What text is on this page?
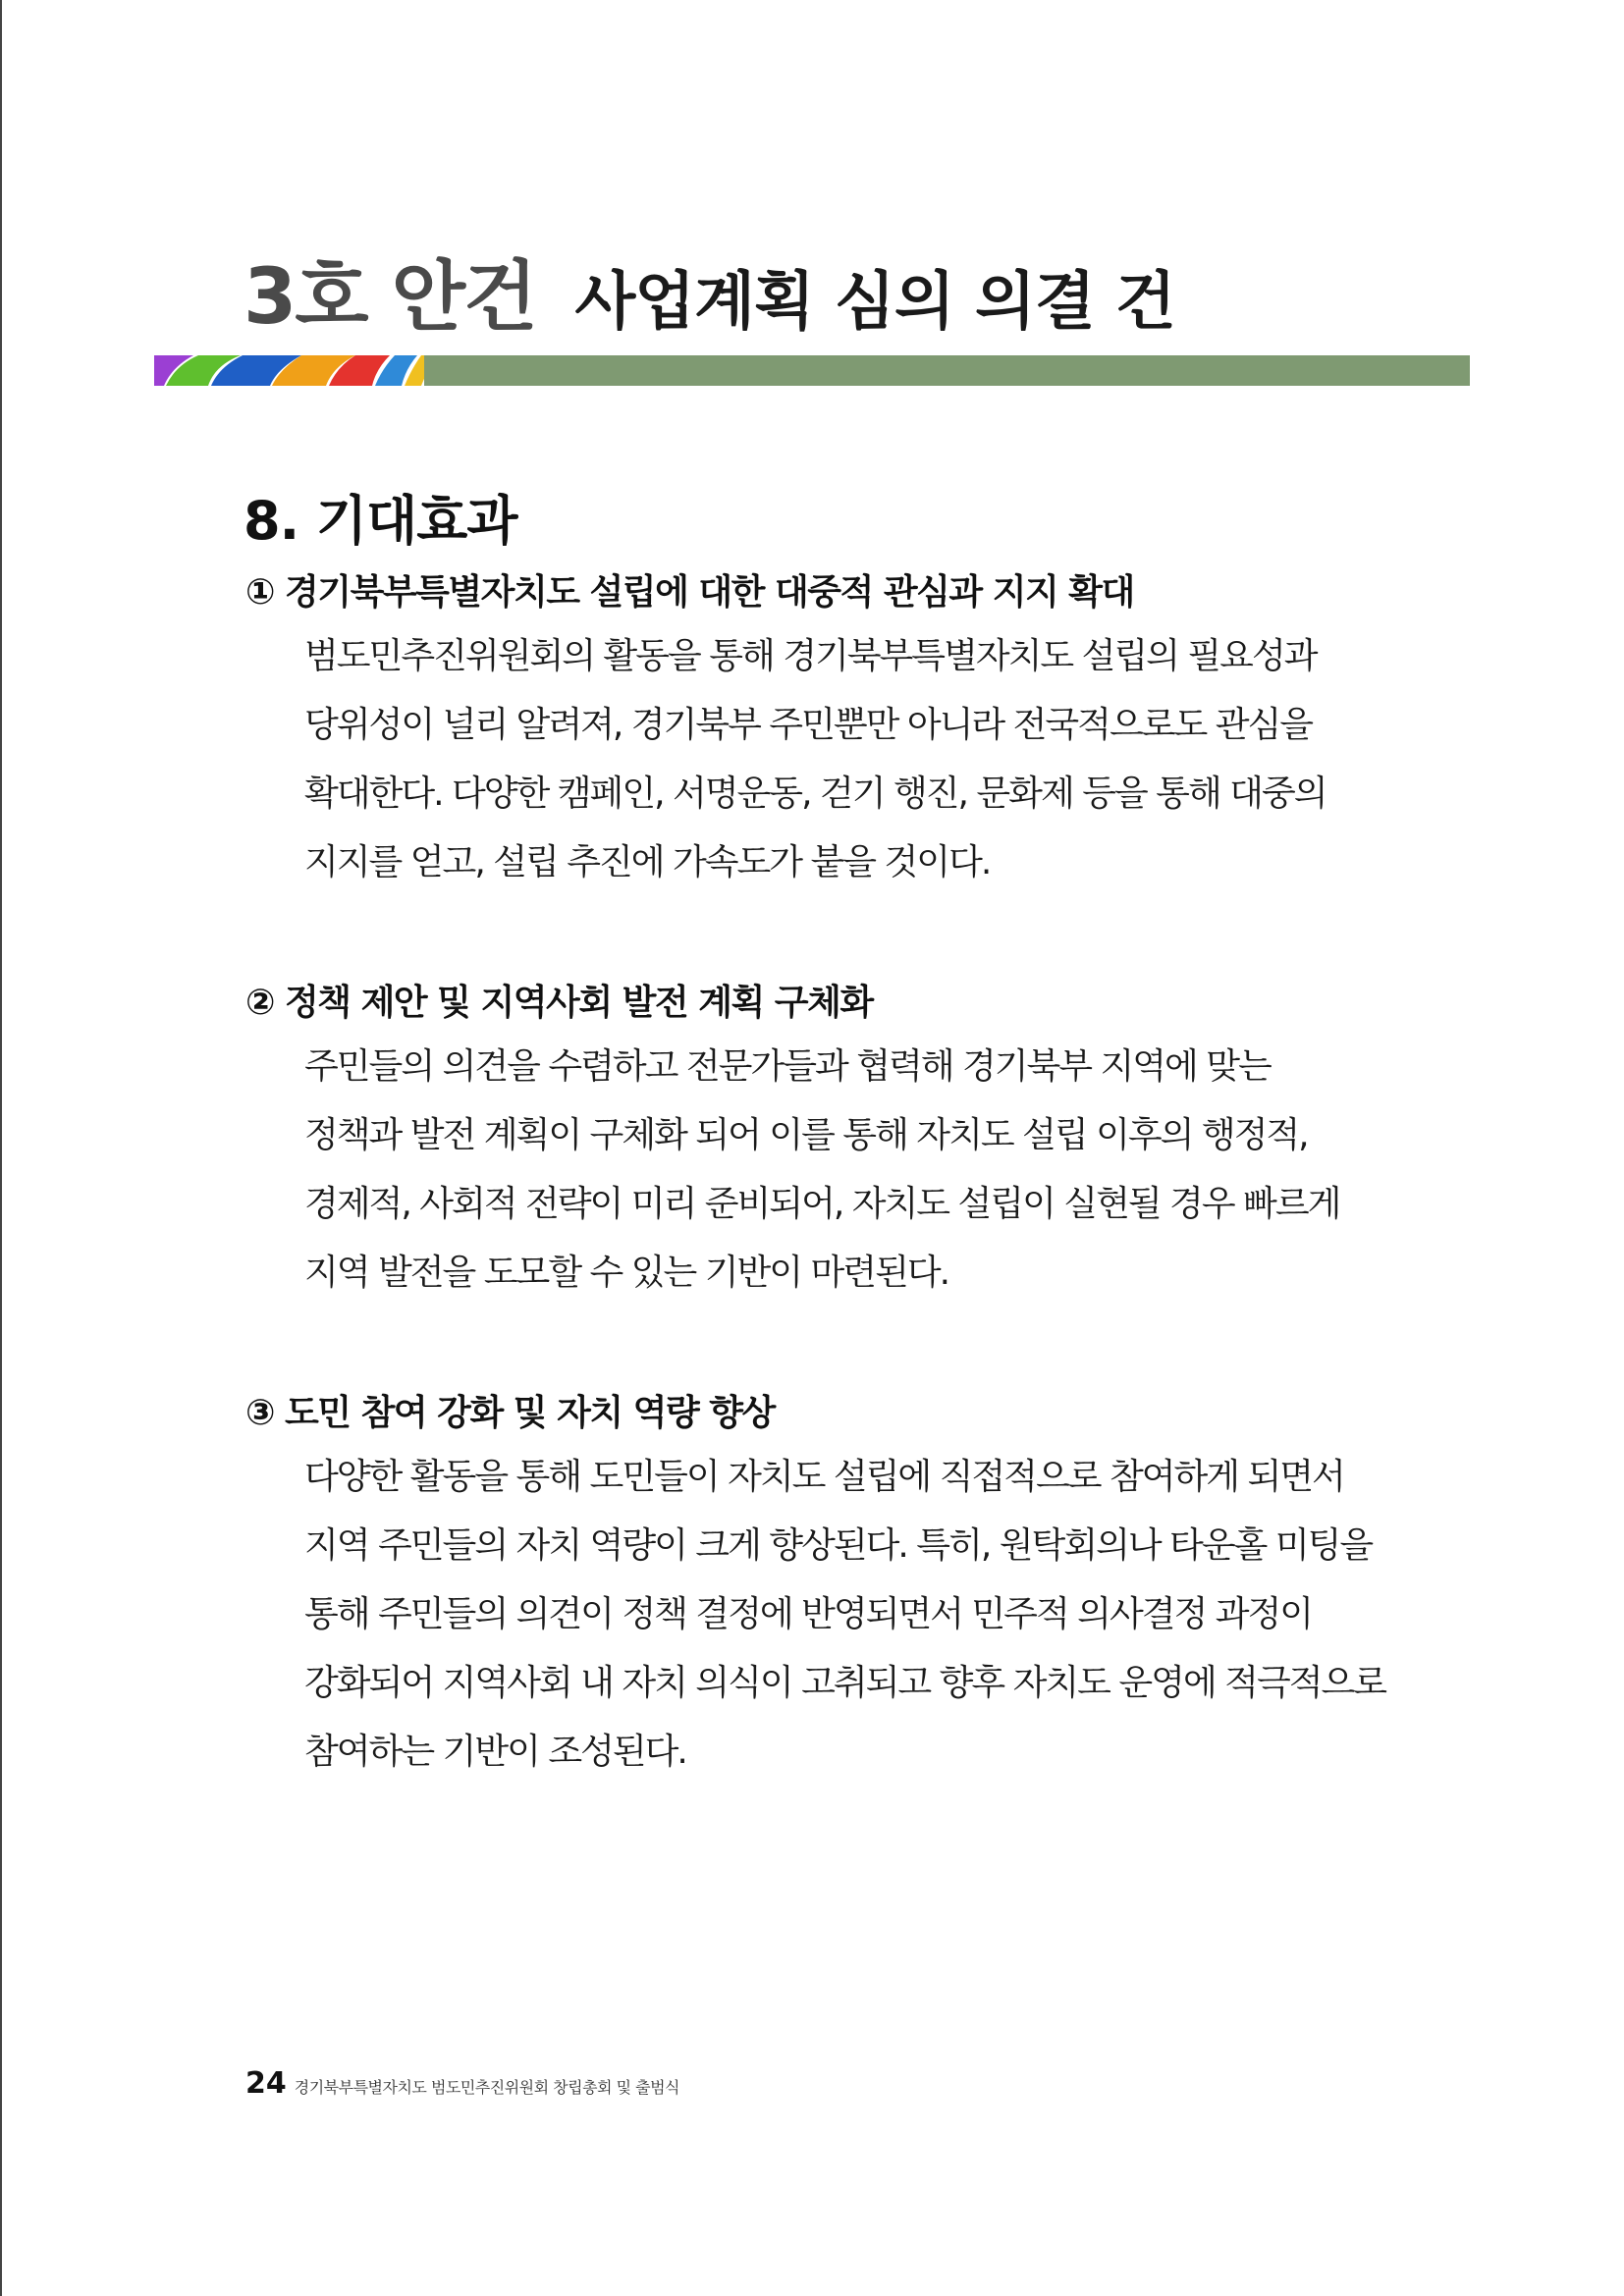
3호 안건 사업계획 심의 의결 건
8. 기대효과
① 경기북부특별자치도 설립에 대한 대중적 관심과 지지 확대

범도민추진위원회의 활동을 통해 경기북부특별자치도 설립의 필요성과

당위성이 널리 알려져, 경기북부 주민뿐만 아니라 전국적으로도 관심을

확대한다. 다양한 캠페인, 서명운동, 걷기 행진, 문화제 등을 통해 대중의

지지를 얻고, 설립 추진에 가속도가 붙을 것이다.

② 정책 제안 및 지역사회 발전 계획 구체화

주민들의 의견을 수렴하고 전문가들과 협력해 경기북부 지역에 맞는

정책과 발전 계획이 구체화 되어 이를 통해 자치도 설립 이후의 행정적,

경제적, 사회적 전략이 미리 준비되어, 자치도 설립이 실현될 경우 빠르게

지역 발전을 도모할 수 있는 기반이 마련된다.

③ 도민 참여 강화 및 자치 역량 향상

다양한 활동을 통해 도민들이 자치도 설립에 직접적으로 참여하게 되면서

지역 주민들의 자치 역량이 크게 향상된다. 특히, 원탁회의나 타운홀 미팅을

통해 주민들의 의견이 정책 결정에 반영되면서 민주적 의사결정 과정이

강화되어 지역사회 내 자치 의식이 고취되고 향후 자치도 운영에 적극적으로

참여하는 기반이 조성된다.

24 경기북부특별자치도 범도민추진위원회 창립총회 및 출범식
